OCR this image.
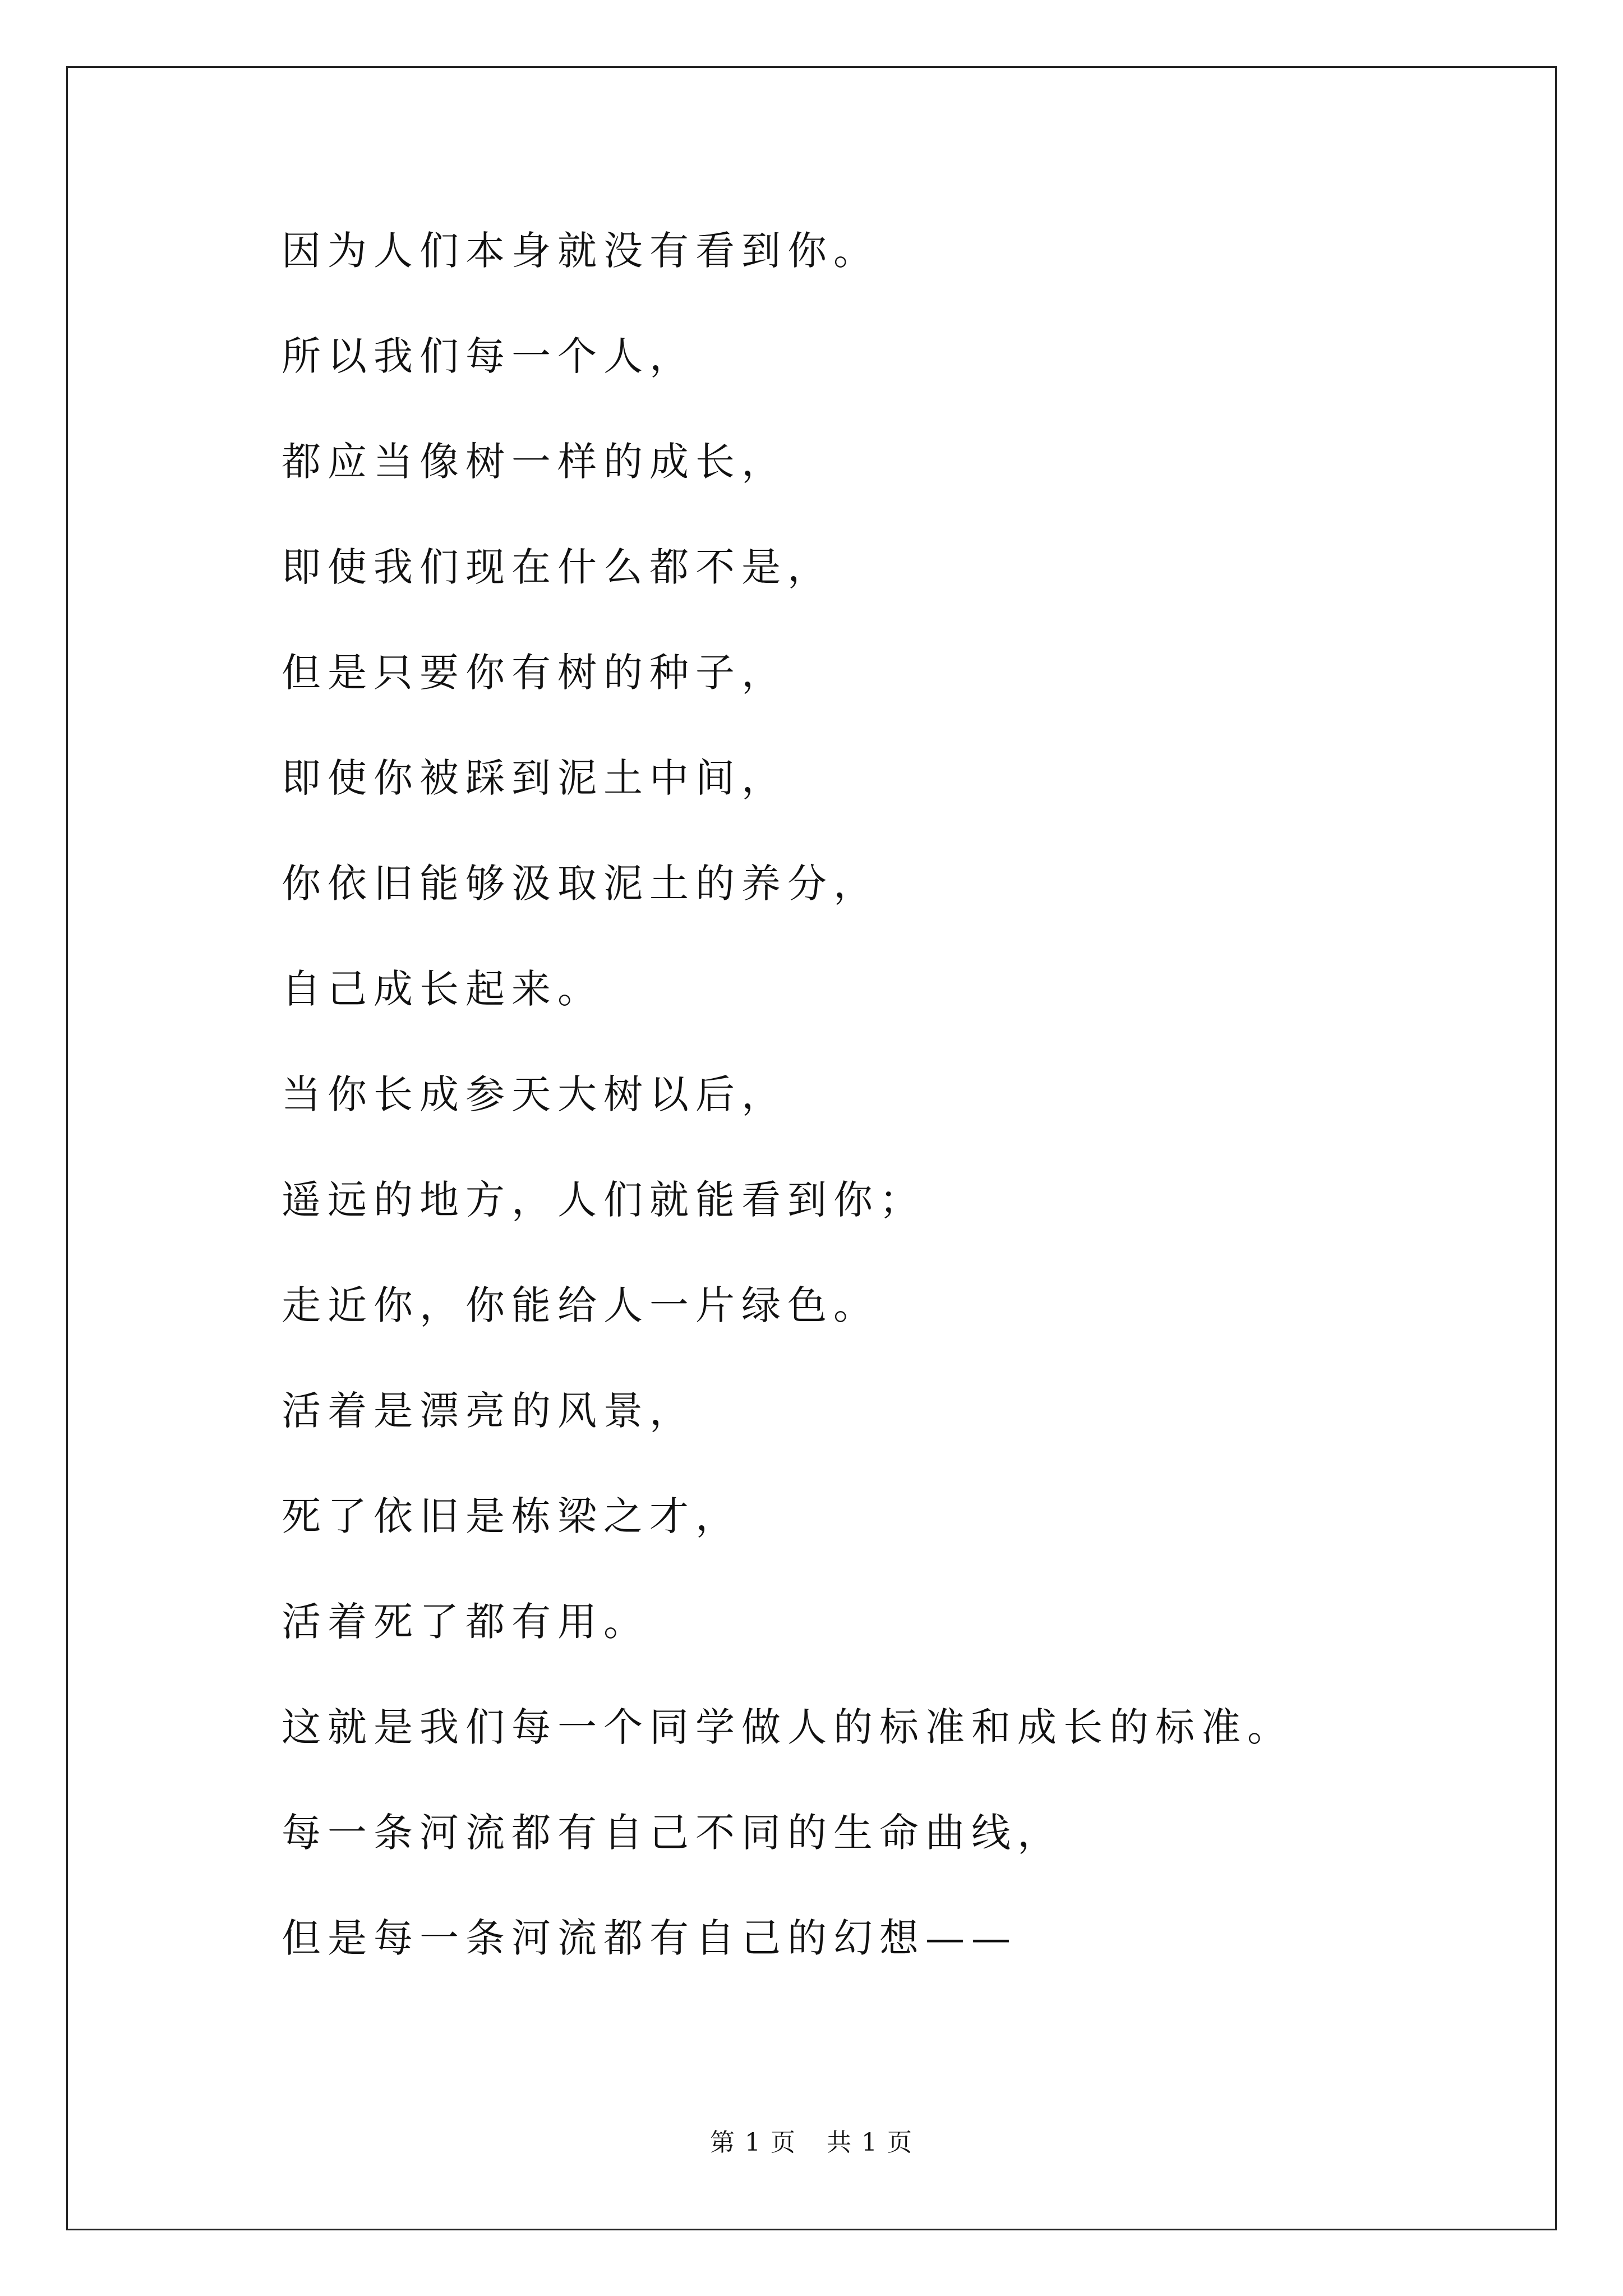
因为人们本身就没有看到你。
所以我们每一个人，
都应当像树一样的成长，
即使我们现在什么都不是，
但是只要你有树的种子，
即使你被踩到泥土中间，
你依旧能够汲取泥土的养分，
自己成长起来。
当你长成参天大树以后，
遥远的地方，人们就能看到你；
走近你，你能给人一片绿色。
活着是漂亮的风景，
死了依旧是栋梁之才，
活着死了都有用。
这就是我们每一个同学做人的标准和成长的标准。
每一条河流都有自己不同的生命曲线，
但是每一条河流都有自己的幻想——
第 1 页 共 1 页
